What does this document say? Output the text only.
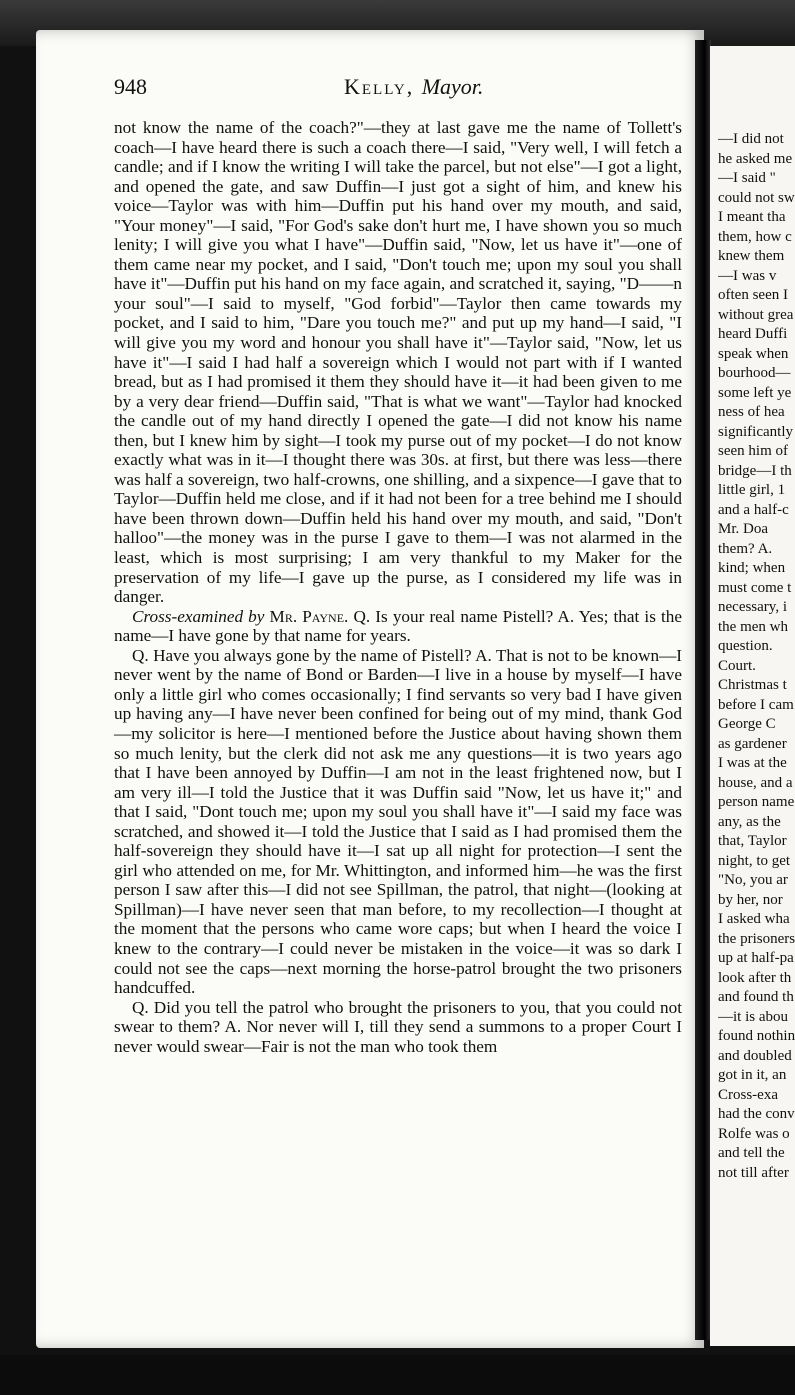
—I did not
he asked me
—I said "
could not sw
I meant tha
them, how c
knew them
—I was v
often seen I
without grea
heard Duffi
speak when
bourhood—
some left ye
ness of hea
significantly
seen him of
bridge—I th
little girl, 1
and a half-c
Mr. Doa
them? A.
kind; when
must come t
necessary, i
the men wh
question.
Court.
Christmas t
before I cam
George C
as gardener
I was at the
house, and a
person name
any, as the
that, Taylor
night, to get
"No, you ar
by her, nor
I asked wha
the prisoners
up at half-pa
look after th
and found th
—it is abou
found nothin
and doubled
got in it, an
Cross-exa
had the conv
Rolfe was o
and tell the
not till after
948	Kelly, Mayor.

not know the name of the coach?"—they at last gave me the name of Tollett's coach—I have heard there is such a coach there—I said, "Very well, I will fetch a candle; and if I know the writing I will take the parcel, but not else"—I got a light, and opened the gate, and saw Duffin—I just got a sight of him, and knew his voice—Taylor was with him—Duffin put his hand over my mouth, and said, "Your money"—I said, "For God's sake don't hurt me, I have shown you so much lenity; I will give you what I have"—Duffin said, "Now, let us have it"—one of them came near my pocket, and I said, "Don't touch me; upon my soul you shall have it"—Duffin put his hand on my face again, and scratched it, saying, "D——n your soul"—I said to myself, "God forbid"—Taylor then came towards my pocket, and I said to him, "Dare you touch me?" and put up my hand—I said, "I will give you my word and honour you shall have it"—Taylor said, "Now, let us have it"—I said I had half a sovereign which I would not part with if I wanted bread, but as I had promised it them they should have it—it had been given to me by a very dear friend—Duffin said, "That is what we want"—Taylor had knocked the candle out of my hand directly I opened the gate—I did not know his name then, but I knew him by sight—I took my purse out of my pocket—I do not know exactly what was in it—I thought there was 30s. at first, but there was less—there was half a sovereign, two half-crowns, one shilling, and a sixpence—I gave that to Taylor—Duffin held me close, and if it had not been for a tree behind me I should have been thrown down—Duffin held his hand over my mouth, and said, "Don't halloo"—the money was in the purse I gave to them—I was not alarmed in the least, which is most surprising; I am very thankful to my Maker for the preservation of my life—I gave up the purse, as I considered my life was in danger.

Cross-examined by Mr. Payne. Q. Is your real name Pistell? A. Yes; that is the name—I have gone by that name for years.

Q. Have you always gone by the name of Pistell? A. That is not to be known—I never went by the name of Bond or Barden—I live in a house by myself—I have only a little girl who comes occasionally; I find servants so very bad I have given up having any—I have never been confined for being out of my mind, thank God—my solicitor is here—I mentioned before the Justice about having shown them so much lenity, but the clerk did not ask me any questions—it is two years ago that I have been annoyed by Duffin—I am not in the least frightened now, but I am very ill—I told the Justice that it was Duffin said "Now, let us have it;" and that I said, "Dont touch me; upon my soul you shall have it"—I said my face was scratched, and showed it—I told the Justice that I said as I had promised them the half-sovereign they should have it—I sat up all night for protection—I sent the girl who attended on me, for Mr. Whittington, and informed him—he was the first person I saw after this—I did not see Spillman, the patrol, that night—(looking at Spillman)—I have never seen that man before, to my recollection—I thought at the moment that the persons who came wore caps; but when I heard the voice I knew to the contrary—I could never be mistaken in the voice—it was so dark I could not see the caps—next morning the horse-patrol brought the two prisoners handcuffed.

Q. Did you tell the patrol who brought the prisoners to you, that you could not swear to them? A. Nor never will I, till they send a summons to a proper Court I never would swear—Fair is not the man who took them
